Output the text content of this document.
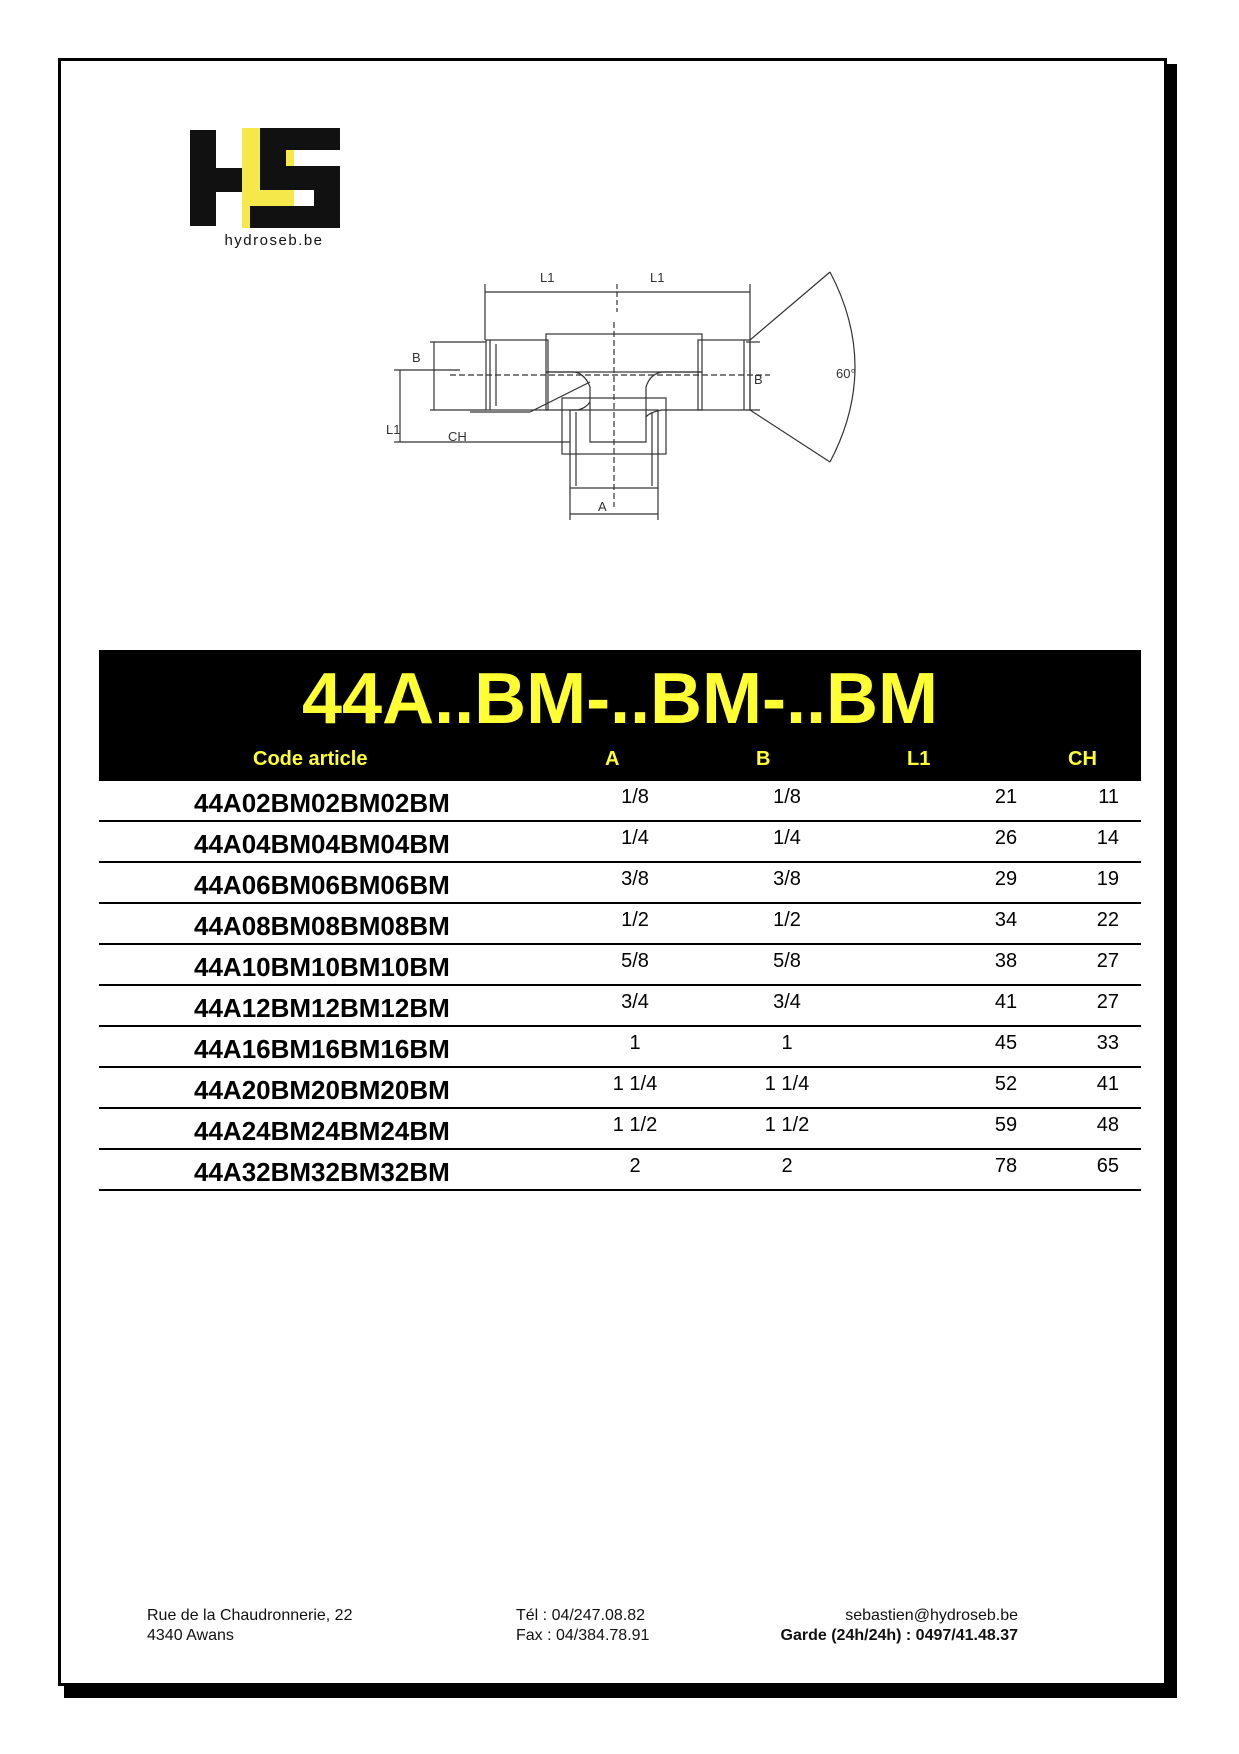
hydroseb.be
L1	L1
B
B
L1	CH
A
60°
44A..BM-..BM-..BM
Code article	A	B	L1	CH
44A02BM02BM02BM	1/8	1/8	21	11
44A04BM04BM04BM	1/4	1/4	26	14
44A06BM06BM06BM	3/8	3/8	29	19
44A08BM08BM08BM	1/2	1/2	34	22
44A10BM10BM10BM	5/8	5/8	38	27
44A12BM12BM12BM	3/4	3/4	41	27
44A16BM16BM16BM	1	1	45	33
44A20BM20BM20BM	1 1/4	1 1/4	52	41
44A24BM24BM24BM	1 1/2	1 1/2	59	48
44A32BM32BM32BM	2	2	78	65
Rue de la Chaudronnerie, 22
4340 Awans
Tél : 04/247.08.82
Fax : 04/384.78.91
sebastien@hydroseb.be
Garde (24h/24h) : 0497/41.48.37
